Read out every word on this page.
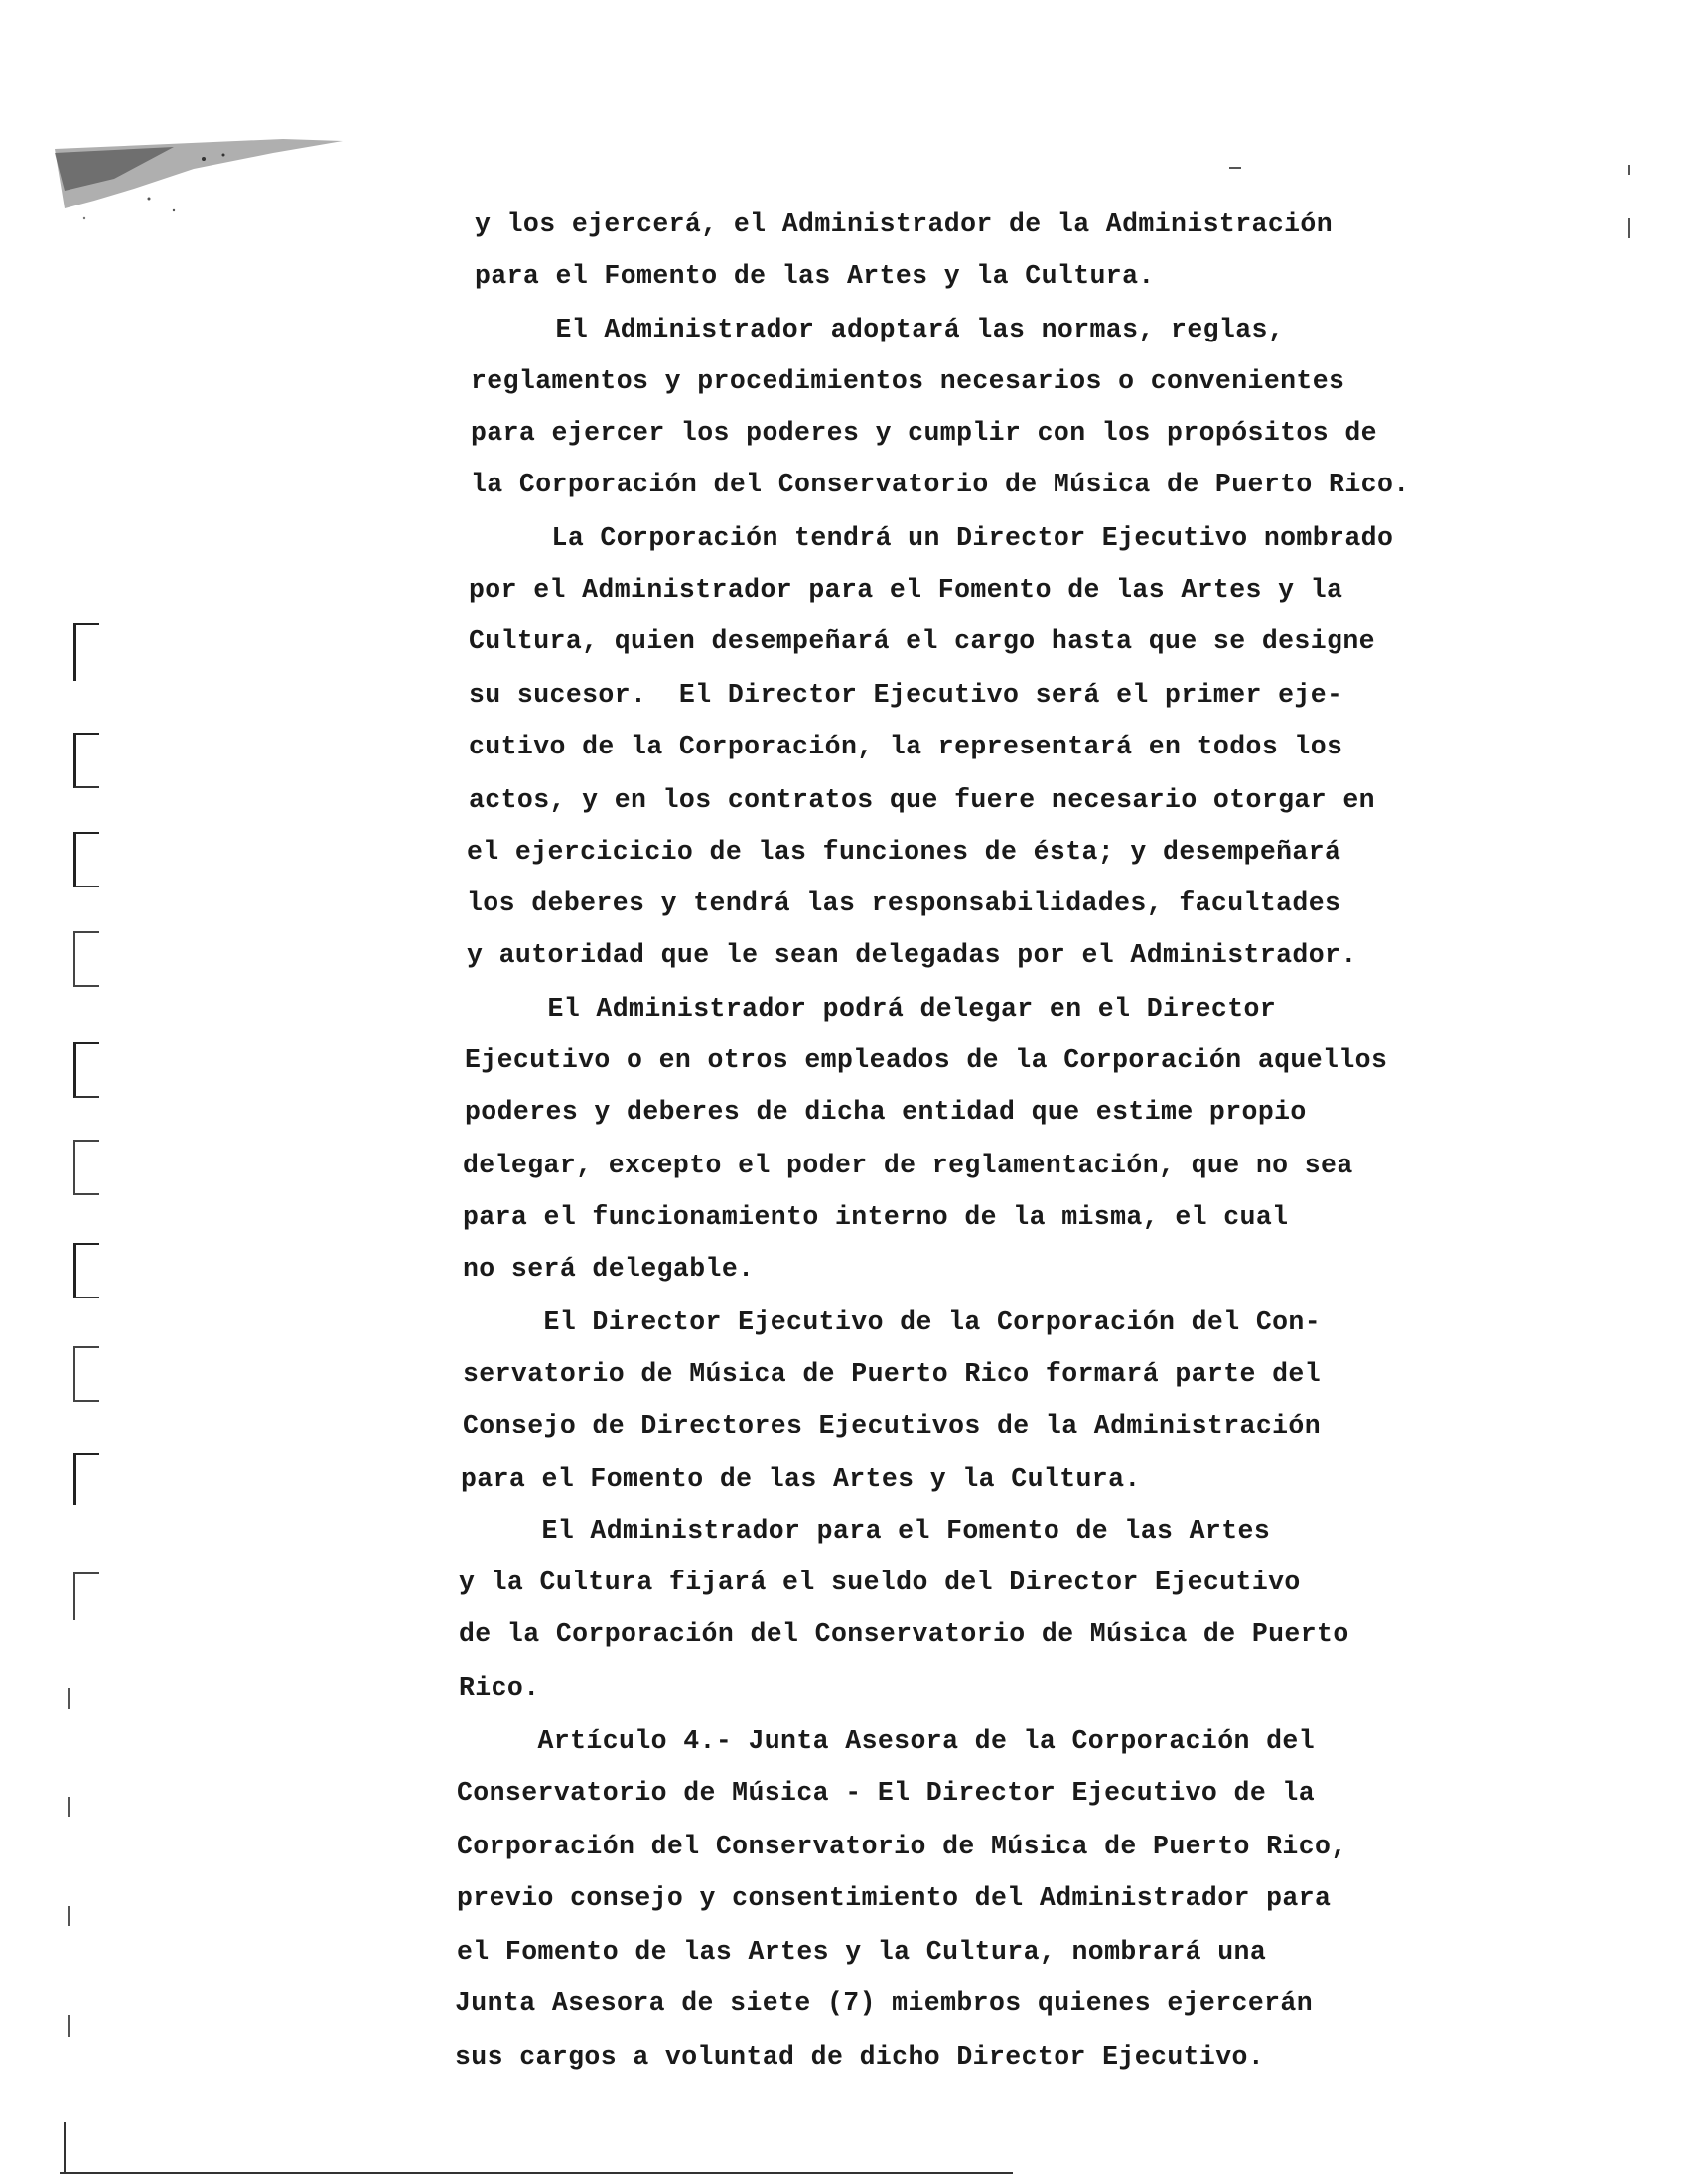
y los ejercerá, el Administrador de la Administración
para el Fomento de las Artes y la Cultura.
El Administrador adoptará las normas, reglas,
reglamentos y procedimientos necesarios o convenientes
para ejercer los poderes y cumplir con los propósitos de
la Corporación del Conservatorio de Música de Puerto Rico.
La Corporación tendrá un Director Ejecutivo nombrado
por el Administrador para el Fomento de las Artes y la
Cultura, quien desempeñará el cargo hasta que se designe
su sucesor.  El Director Ejecutivo será el primer eje-
cutivo de la Corporación, la representará en todos los
actos, y en los contratos que fuere necesario otorgar en
el ejercicicio de las funciones de ésta; y desempeñará
los deberes y tendrá las responsabilidades, facultades
y autoridad que le sean delegadas por el Administrador.
El Administrador podrá delegar en el Director
Ejecutivo o en otros empleados de la Corporación aquellos
poderes y deberes de dicha entidad que estime propio
delegar, excepto el poder de reglamentación, que no sea
para el funcionamiento interno de la misma, el cual
no será delegable.
El Director Ejecutivo de la Corporación del Con-
servatorio de Música de Puerto Rico formará parte del
Consejo de Directores Ejecutivos de la Administración
para el Fomento de las Artes y la Cultura.
El Administrador para el Fomento de las Artes
y la Cultura fijará el sueldo del Director Ejecutivo
de la Corporación del Conservatorio de Música de Puerto
Rico.
Artículo 4.- Junta Asesora de la Corporación del
Conservatorio de Música - El Director Ejecutivo de la
Corporación del Conservatorio de Música de Puerto Rico,
previo consejo y consentimiento del Administrador para
el Fomento de las Artes y la Cultura, nombrará una
Junta Asesora de siete (7) miembros quienes ejercerán
sus cargos a voluntad de dicho Director Ejecutivo.
